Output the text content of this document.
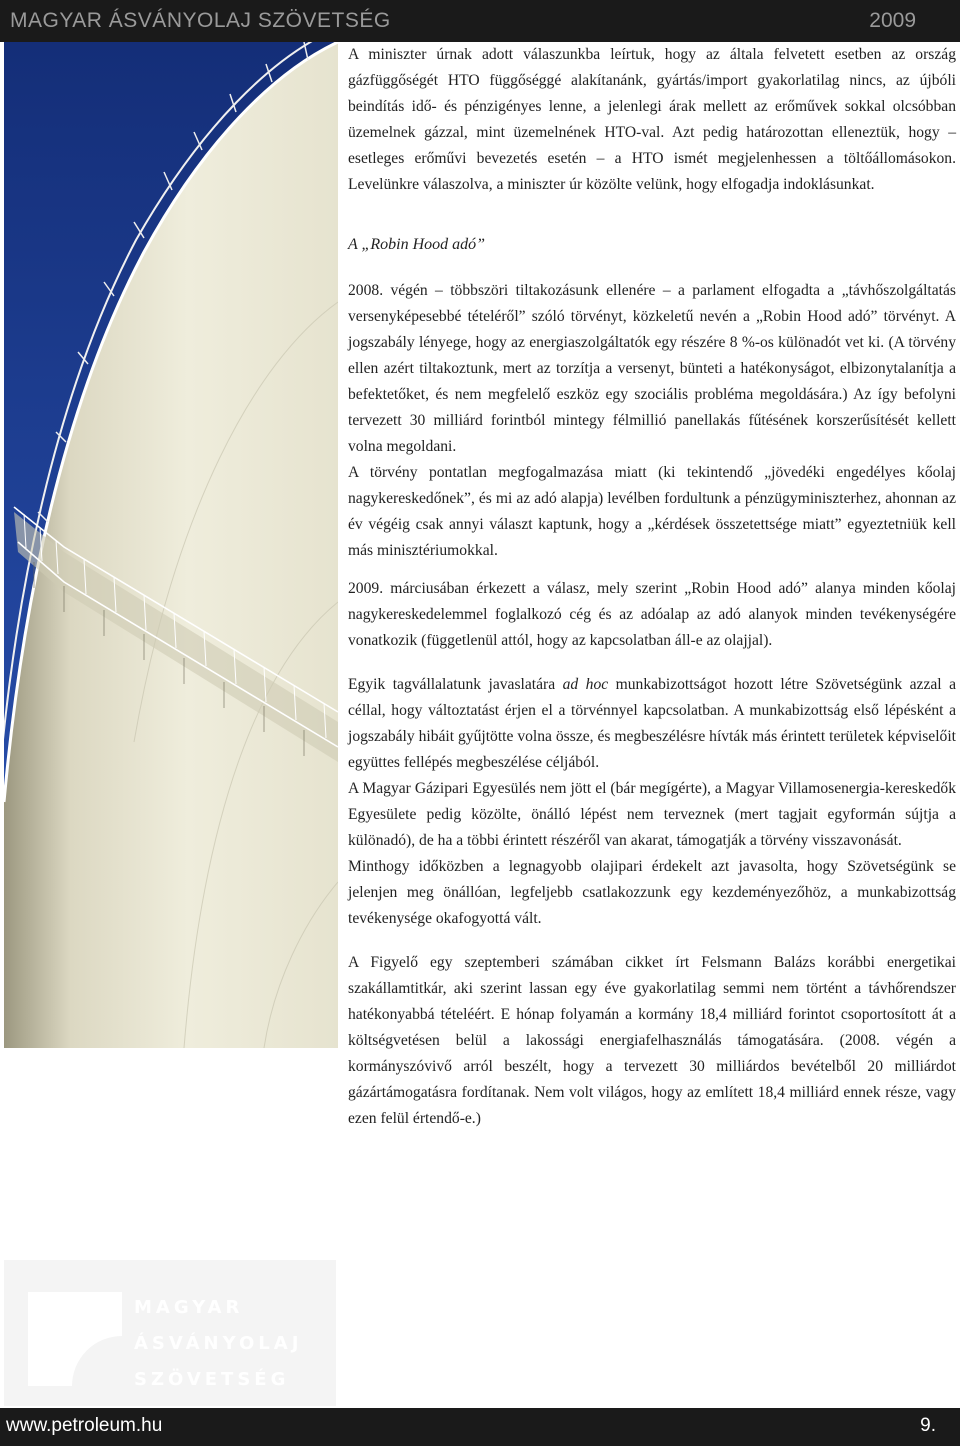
MAGYAR ÁSVÁNYOLAJ SZÖVETSÉG	2009

A miniszter úrnak adott válaszunkba leírtuk, hogy az általa felvetett esetben az ország gázfüggőségét HTO függőséggé alakítanánk, gyártás/import gyakorlatilag nincs, az újbóli beindítás idő- és pénzigényes lenne, a jelenlegi árak mellett az erőművek sokkal olcsóbban üzemelnek gázzal, mint üzemelnének HTO-val. Azt pedig határozottan elleneztük, hogy – esetleges erőművi bevezetés esetén – a HTO ismét megjelenhessen a töltőállomásokon. Levelünkre válaszolva, a miniszter úr közölte velünk, hogy elfogadja indoklásunkat.

A „Robin Hood adó”

2008. végén – többszöri tiltakozásunk ellenére – a parlament elfogadta a „távhőszolgáltatás versenyképesebbé tételéről” szóló törvényt, közkeletű nevén a „Robin Hood adó” törvényt. A jogszabály lényege, hogy az energiaszolgáltatók egy részére 8 %-os különadót vet ki. (A törvény ellen azért tiltakoztunk, mert az torzítja a versenyt, bünteti a hatékonyságot, elbizonytalanítja a befektetőket, és nem megfelelő eszköz egy szociális probléma megoldására.) Az így befolyni tervezett 30 milliárd forintból mintegy félmillió panellakás fűtésének korszerűsítését kellett volna megoldani.

A törvény pontatlan megfogalmazása miatt (ki tekintendő „jövedéki engedélyes kőolaj nagykereskedőnek”, és mi az adó alapja) levélben fordultunk a pénzügyminiszterhez, ahonnan az év végéig csak annyi választ kaptunk, hogy a „kérdések összetettsége miatt” egyeztetniük kell más minisztériumokkal.

2009. márciusában érkezett a válasz, mely szerint „Robin Hood adó” alanya minden kőolaj nagykereskedelemmel foglalkozó cég és az adóalap az adó alanyok minden tevékenységére vonatkozik (függetlenül attól, hogy az kapcsolatban áll-e az olajjal).

Egyik tagvállalatunk javaslatára ad hoc munkabizottságot hozott létre Szövetségünk azzal a céllal, hogy változtatást érjen el a törvénnyel kapcsolatban. A munkabizottság első lépésként a jogszabály hibáit gyűjtötte volna össze, és megbeszélésre hívták más érintett területek képviselőit együttes fellépés megbeszélése céljából.

A Magyar Gázipari Egyesülés nem jött el (bár megígérte), a Magyar Villamosenergia-kereskedők Egyesülete pedig közölte, önálló lépést nem terveznek (mert tagjait egyformán sújtja a különadó), de ha a többi érintett részéről van akarat, támogatják a törvény visszavonását.

Minthogy időközben a legnagyobb olajipari érdekelt azt javasolta, hogy Szövetségünk se jelenjen meg önállóan, legfeljebb csatlakozzunk egy kezdeményezőhöz, a munkabizottság tevékenysége okafogyottá vált.

A Figyelő egy szeptemberi számában cikket írt Felsmann Balázs korábbi energetikai szakállamtitkár, aki szerint lassan egy éve gyakorlatilag semmi nem történt a távhőrendszer hatékonyabbá tételéért. E hónap folyamán a kormány 18,4 milliárd forintot csoportosított át a költségvetésen belül a lakossági energiafelhasználás támogatására. (2008. végén a kormányszóvivő arról beszélt, hogy a tervezett 30 milliárdos bevételből 20 milliárdot gázártámogatásra fordítanak. Nem volt világos, hogy az említett 18,4 milliárd ennek része, vagy ezen felül értendő-e.)

MAGYAR
ÁSVÁNYOLAJ
SZÖVETSÉG
www.petroleum.hu	9.
